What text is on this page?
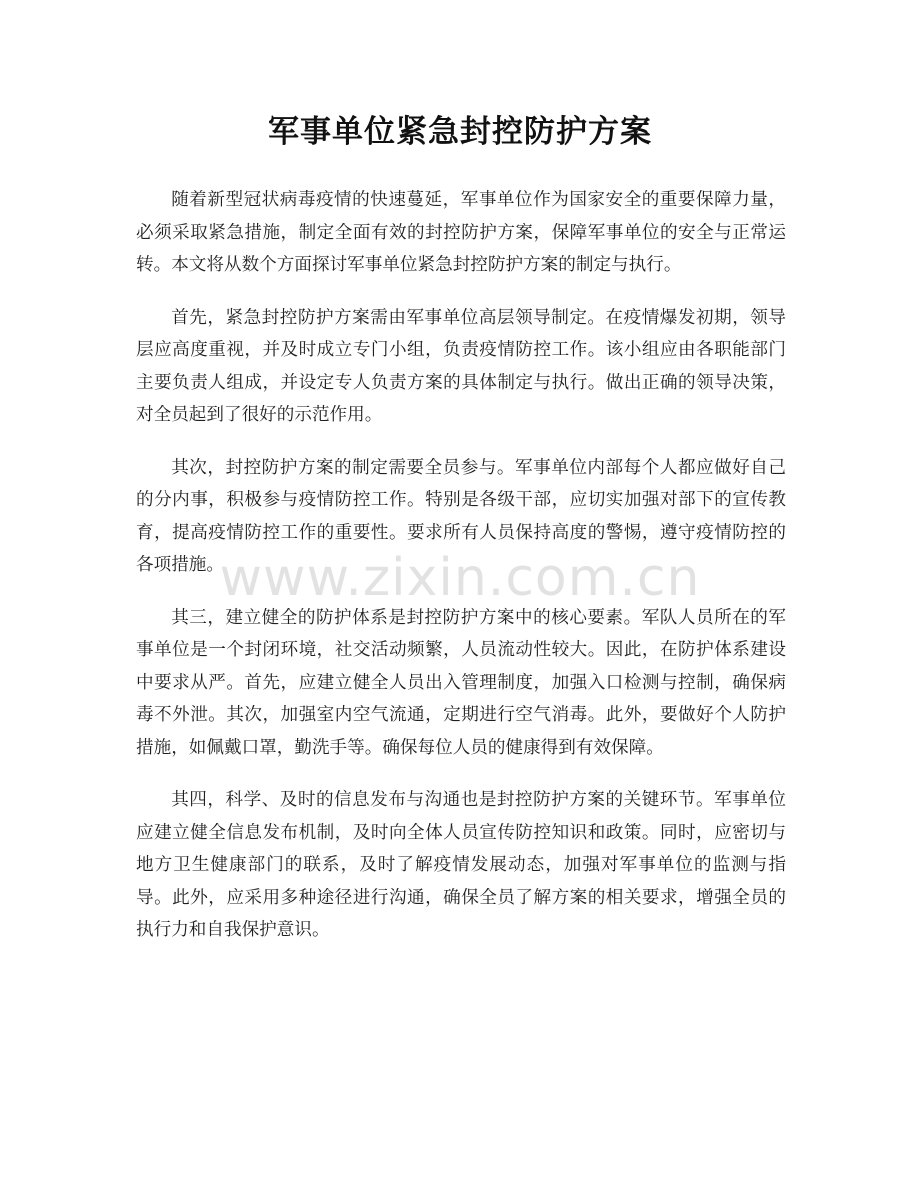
军事单位紧急封控防护方案

随着新型冠状病毒疫情的快速蔓延，军事单位作为国家安全的重要保障力量，必须采取紧急措施，制定全面有效的封控防护方案，保障军事单位的安全与正常运转。本文将从数个方面探讨军事单位紧急封控防护方案的制定与执行。

首先，紧急封控防护方案需由军事单位高层领导制定。在疫情爆发初期，领导层应高度重视，并及时成立专门小组，负责疫情防控工作。该小组应由各职能部门主要负责人组成，并设定专人负责方案的具体制定与执行。做出正确的领导决策，对全员起到了很好的示范作用。

其次，封控防护方案的制定需要全员参与。军事单位内部每个人都应做好自己的分内事，积极参与疫情防控工作。特别是各级干部，应切实加强对部下的宣传教育，提高疫情防控工作的重要性。要求所有人员保持高度的警惕，遵守疫情防控的各项措施。

其三，建立健全的防护体系是封控防护方案中的核心要素。军队人员所在的军事单位是一个封闭环境，社交活动频繁，人员流动性较大。因此，在防护体系建设中要求从严。首先，应建立健全人员出入管理制度，加强入口检测与控制，确保病毒不外泄。其次，加强室内空气流通，定期进行空气消毒。此外，要做好个人防护措施，如佩戴口罩，勤洗手等。确保每位人员的健康得到有效保障。

其四，科学、及时的信息发布与沟通也是封控防护方案的关键环节。军事单位应建立健全信息发布机制，及时向全体人员宣传防控知识和政策。同时，应密切与地方卫生健康部门的联系，及时了解疫情发展动态，加强对军事单位的监测与指导。此外，应采用多种途径进行沟通，确保全员了解方案的相关要求，增强全员的执行力和自我保护意识。

www.zixin.com.cn
